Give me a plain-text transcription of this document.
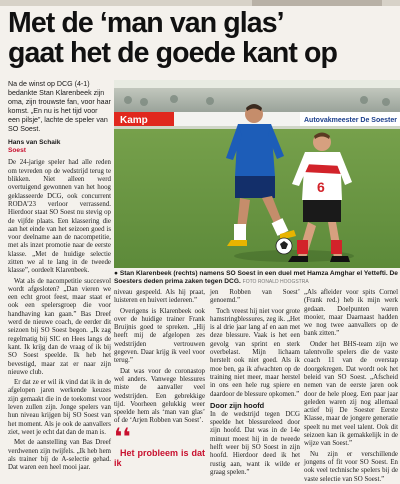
Met de ‘man van glas’
gaat het de goede kant op

Na de winst op DCG (4-1) bedankte Stan Klarenbeek zijn oma, zijn trouwste fan, voor haar komst. „En nu is het tijd voor een pilsje”, lachte de speler van SO Soest.

Hans van Schaik

Soest

De 24-jarige speler had alle reden om tevreden op de wedstrijd terug te blikken. Niet alleen werd overtuigend gewonnen van het hoog geklasseerde DCG, ook concurrent RODA’23 verloor verrassend. Hierdoor staat SO Soest nu stevig op de vijfde plaats. Een klassering die aan het einde van het seizoen goed is voor deelname aan de nacompetitie, met als inzet promotie naar de eerste klasse. „Met de huidige selectie zitten we al te lang in de tweede klasse”, oordeelt Klarenbeek.

Wat als de nacompetitie succesvol wordt afgesloten? „Dan vieren we een echt groot feest, maar staat er ook een spelersgroep die voor handhaving kan gaan.” Bas Dreef werd de nieuwe coach, de eerder dit seizoen bij SO Soest begon. „Ik zag regelmatig bij SIC en Hees langs de kant. Ik krijg dan de vraag of ik bij SO Soest speelde. Ik heb het bevestigd, maar zat er naar zijn nieuwe club.

Er dat ze er wil ik vind dat ik in de afgelopen jaren werkende keuzes zijn gemaakt die in de toekomst voor leven zullen zijn. Jonge spelers van hun niveau krijgen bij SO Soest van het moment. Als je ook de aanvallers ziet, weet je echt dat dan de man is.

Met de aanstelling van Bas Dreef verdwenen zijn twijfels. „Ik heb hem als trainer bij de A-selectie gehad. Dat waren een heel mooi jaar.

Kamp	Autovakmeester De Soester
6

● Stan Klarenbeek (rechts) namens SO Soest in een duel met Hamza Amghar el Yettefti. De Soesters deden prima zaken tegen DCG. FOTO RONALD HOOGSTRA

niveau gespeeld. Als hij praat, luisteren en huivert iedereen.”

Overigens is Klarenbeek ook over de huidige trainer Frank Bruijnis goed te spreken. „Hij heeft mij de afgelopen zes wedstrijden vertrouwen gegeven. Daar krijg ik veel voor terug.”

Dat was voor de coronastop wel anders. Vanwege blessures miste de aanvaller veel wedstrijden. Een gebrekkige tijd. Voorheen gelukkig weer speelde hem als ‘man van glas’ of de ‘Arjen Robben van Soest’.

❛❛

Het probleem is dat ik

jen Robben van Soest’ genoemd.”

Toch vreest hij niet voor grote hamstringblessures, zeg ik. „Het is al drie jaar lang af en aan met deze blessure. Vaak is het een gevolg van sprint en sterk overbelast. Mijn lichaam herstelt ook niet goed. Als ik moe ben, ga ik afwachten op de training niet meer, maar herstel in ons een hele rug spiere en daardoor de blessure opkomen.”

Door zijn hoofd

In de wedstrijd tegen DCG speelde het blessureleed door zijn hoofd. Dat was in de 14e minuut moest hij in de tweede helft weer bij SO Soest in zijn hoofd. Hierdoor deed ik het rustig aan, want ik wilde er graag spelen.”

„Als afleider voor spits Cornel (Frank red.) heb ik mijn werk gedaan. Doelpunten waren mooier, maar Daarnaast hadden we nog twee aanvallers op de bank zitten.”

Onder het BHS-team zijn we talentvolle spelers die de vaste coach 11 van de overstap doorgekregen. Dat wordt ook het beleid van SO Soest. „Afscheid nemen van de eerste jaren ook door de hele ploeg. Een paar jaar geleden waren zij nog allemaal actief bij De Soester Eerste Klasse, maar de jongere generatie speelt nu met veel talent. Ook dit seizoen kan ik gemakkelijk in de wijze van Soest.”

Nu zijn er verschillende jongens of fit voor SO Soest. En ook veel technische spelers bij de vaste selectie van SO Soest.”
